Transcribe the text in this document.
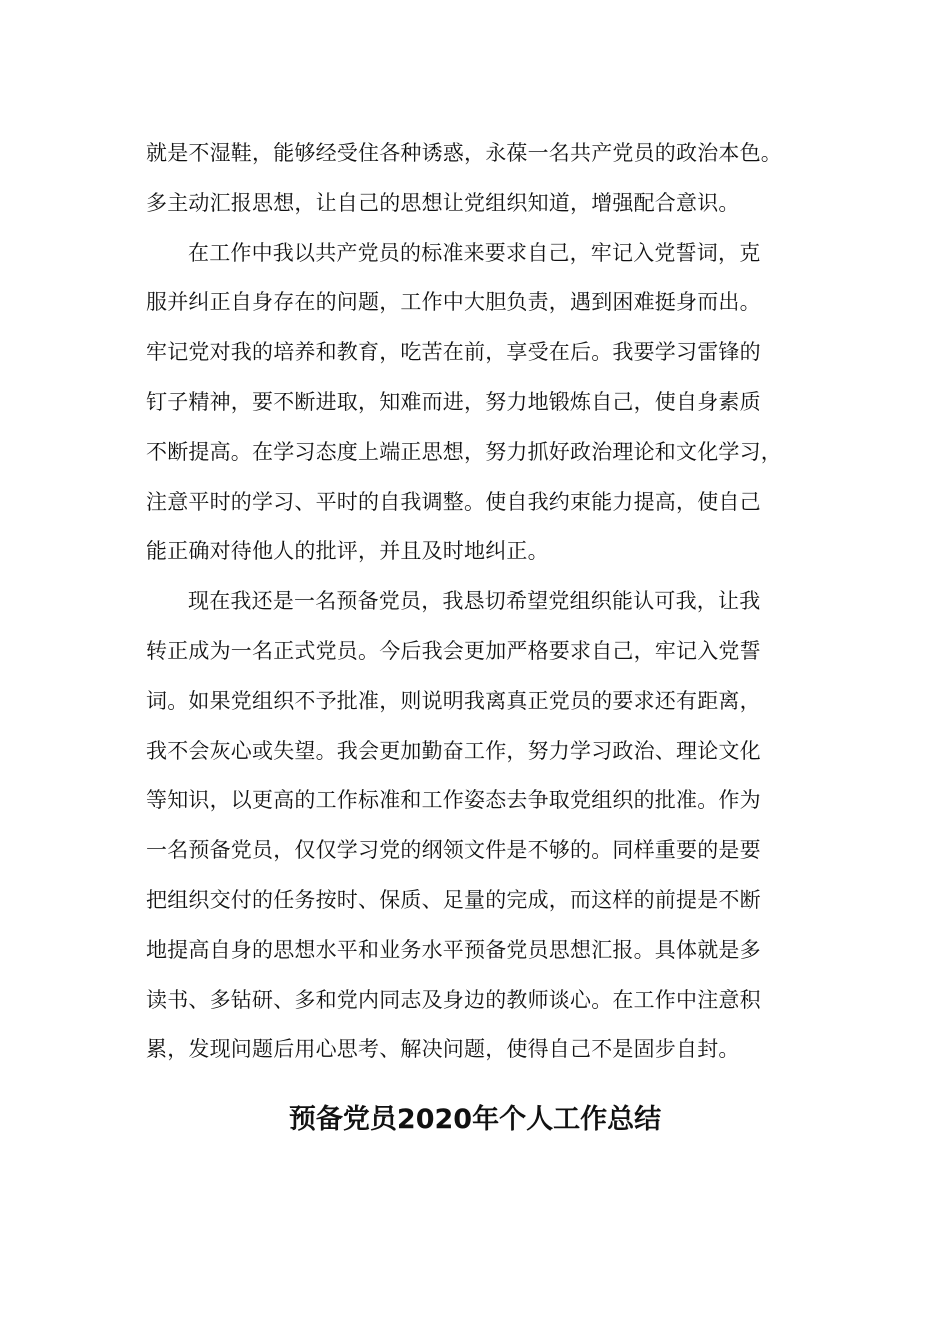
就是不湿鞋，能够经受住各种诱惑，永葆一名共产党员的政治本色。
多主动汇报思想，让自己的思想让党组织知道，增强配合意识。
在工作中我以共产党员的标准来要求自己，牢记入党誓词，克
服并纠正自身存在的问题，工作中大胆负责，遇到困难挺身而出。
牢记党对我的培养和教育，吃苦在前，享受在后。我要学习雷锋的
钉子精神，要不断进取，知难而进，努力地锻炼自己，使自身素质
不断提高。在学习态度上端正思想，努力抓好政治理论和文化学习，
注意平时的学习、平时的自我调整。使自我约束能力提高，使自己
能正确对待他人的批评，并且及时地纠正。
现在我还是一名预备党员，我恳切希望党组织能认可我，让我
转正成为一名正式党员。今后我会更加严格要求自己，牢记入党誓
词。如果党组织不予批准，则说明我离真正党员的要求还有距离，
我不会灰心或失望。我会更加勤奋工作，努力学习政治、理论文化
等知识，以更高的工作标准和工作姿态去争取党组织的批准。作为
一名预备党员，仅仅学习党的纲领文件是不够的。同样重要的是要
把组织交付的任务按时、保质、足量的完成，而这样的前提是不断
地提高自身的思想水平和业务水平预备党员思想汇报。具体就是多
读书、多钻研、多和党内同志及身边的教师谈心。在工作中注意积
累，发现问题后用心思考、解决问题，使得自己不是固步自封。
预备党员2020年个人工作总结
